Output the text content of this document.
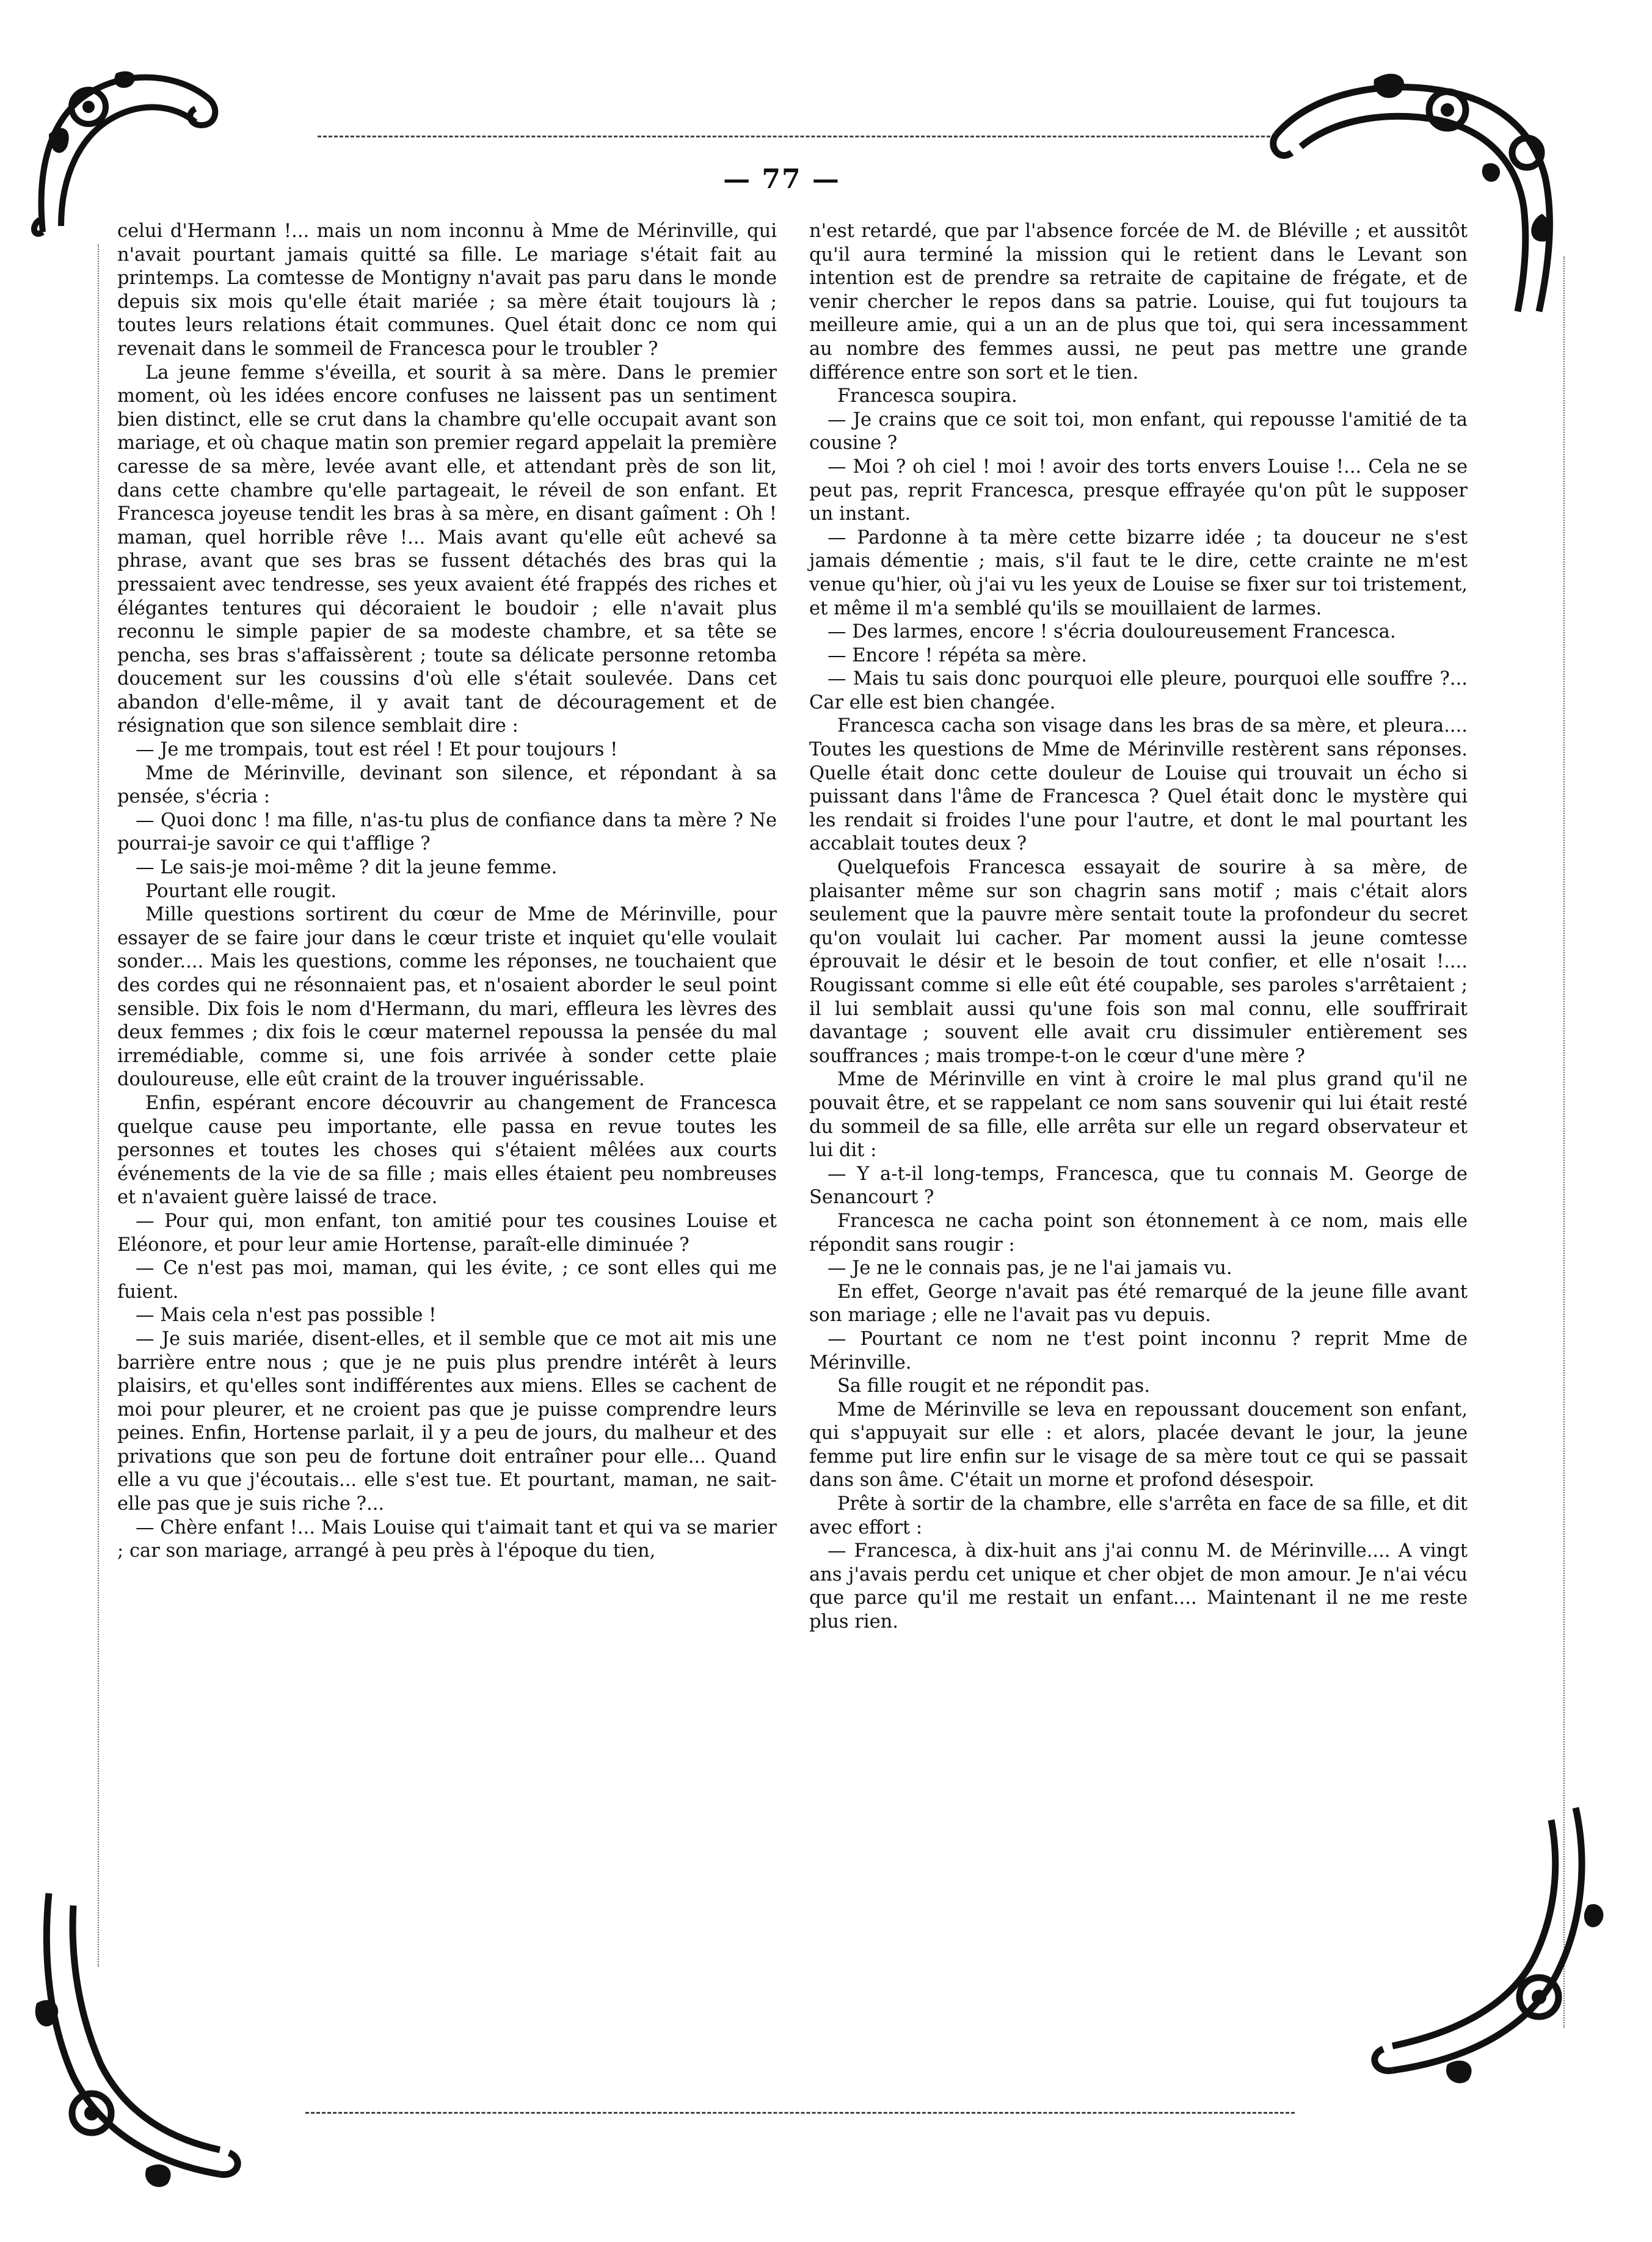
— 77 —

celui d'Hermann !... mais un nom inconnu à Mme de Mérinville, qui n'avait pourtant jamais quitté sa fille. Le mariage s'était fait au printemps. La comtesse de Montigny n'avait pas paru dans le monde depuis six mois qu'elle était mariée ; sa mère était toujours là ; toutes leurs relations était communes. Quel était donc ce nom qui revenait dans le sommeil de Francesca pour le troubler ?

La jeune femme s'éveilla, et sourit à sa mère. Dans le premier moment, où les idées encore confuses ne laissent pas un sentiment bien distinct, elle se crut dans la chambre qu'elle occupait avant son mariage, et où chaque matin son premier regard appelait la première caresse de sa mère, levée avant elle, et attendant près de son lit, dans cette chambre qu'elle partageait, le réveil de son enfant. Et Francesca joyeuse tendit les bras à sa mère, en disant gaîment : Oh ! maman, quel horrible rêve !... Mais avant qu'elle eût achevé sa phrase, avant que ses bras se fussent détachés des bras qui la pressaient avec tendresse, ses yeux avaient été frappés des riches et élégantes tentures qui décoraient le boudoir ; elle n'avait plus reconnu le simple papier de sa modeste chambre, et sa tête se pencha, ses bras s'affaissèrent ; toute sa délicate personne retomba doucement sur les coussins d'où elle s'était soulevée. Dans cet abandon d'elle-même, il y avait tant de découragement et de résignation que son silence semblait dire :

— Je me trompais, tout est réel ! Et pour toujours !

Mme de Mérinville, devinant son silence, et répondant à sa pensée, s'écria :

— Quoi donc ! ma fille, n'as-tu plus de confiance dans ta mère ? Ne pourrai-je savoir ce qui t'afflige ?

— Le sais-je moi-même ? dit la jeune femme.

Pourtant elle rougit.

Mille questions sortirent du cœur de Mme de Mérinville, pour essayer de se faire jour dans le cœur triste et inquiet qu'elle voulait sonder.... Mais les questions, comme les réponses, ne touchaient que des cordes qui ne résonnaient pas, et n'osaient aborder le seul point sensible. Dix fois le nom d'Hermann, du mari, effleura les lèvres des deux femmes ; dix fois le cœur maternel repoussa la pensée du mal irremédiable, comme si, une fois arrivée à sonder cette plaie douloureuse, elle eût craint de la trouver inguérissable.

Enfin, espérant encore découvrir au changement de Francesca quelque cause peu importante, elle passa en revue toutes les personnes et toutes les choses qui s'étaient mêlées aux courts événements de la vie de sa fille ; mais elles étaient peu nombreuses et n'avaient guère laissé de trace.

— Pour qui, mon enfant, ton amitié pour tes cousines Louise et Eléonore, et pour leur amie Hortense, paraît-elle diminuée ?

— Ce n'est pas moi, maman, qui les évite, ; ce sont elles qui me fuient.

— Mais cela n'est pas possible !

— Je suis mariée, disent-elles, et il semble que ce mot ait mis une barrière entre nous ; que je ne puis plus prendre intérêt à leurs plaisirs, et qu'elles sont indifférentes aux miens. Elles se cachent de moi pour pleurer, et ne croient pas que je puisse comprendre leurs peines. Enfin, Hortense parlait, il y a peu de jours, du malheur et des privations que son peu de fortune doit entraîner pour elle... Quand elle a vu que j'écoutais... elle s'est tue. Et pourtant, maman, ne sait-elle pas que je suis riche ?...

— Chère enfant !... Mais Louise qui t'aimait tant et qui va se marier ; car son mariage, arrangé à peu près à l'époque du tien,

n'est retardé, que par l'absence forcée de M. de Bléville ; et aussitôt qu'il aura terminé la mission qui le retient dans le Levant son intention est de prendre sa retraite de capitaine de frégate, et de venir chercher le repos dans sa patrie. Louise, qui fut toujours ta meilleure amie, qui a un an de plus que toi, qui sera incessamment au nombre des femmes aussi, ne peut pas mettre une grande différence entre son sort et le tien.

Francesca soupira.

— Je crains que ce soit toi, mon enfant, qui repousse l'amitié de ta cousine ?

— Moi ? oh ciel ! moi ! avoir des torts envers Louise !... Cela ne se peut pas, reprit Francesca, presque effrayée qu'on pût le supposer un instant.

— Pardonne à ta mère cette bizarre idée ; ta douceur ne s'est jamais démentie ; mais, s'il faut te le dire, cette crainte ne m'est venue qu'hier, où j'ai vu les yeux de Louise se fixer sur toi tristement, et même il m'a semblé qu'ils se mouillaient de larmes.

— Des larmes, encore ! s'écria douloureusement Francesca.

— Encore ! répéta sa mère.

— Mais tu sais donc pourquoi elle pleure, pourquoi elle souffre ?... Car elle est bien changée.

Francesca cacha son visage dans les bras de sa mère, et pleura.... Toutes les questions de Mme de Mérinville restèrent sans réponses. Quelle était donc cette douleur de Louise qui trouvait un écho si puissant dans l'âme de Francesca ? Quel était donc le mystère qui les rendait si froides l'une pour l'autre, et dont le mal pourtant les accablait toutes deux ?

Quelquefois Francesca essayait de sourire à sa mère, de plaisanter même sur son chagrin sans motif ; mais c'était alors seulement que la pauvre mère sentait toute la profondeur du secret qu'on voulait lui cacher. Par moment aussi la jeune comtesse éprouvait le désir et le besoin de tout confier, et elle n'osait !.... Rougissant comme si elle eût été coupable, ses paroles s'arrêtaient ; il lui semblait aussi qu'une fois son mal connu, elle souffrirait davantage ; souvent elle avait cru dissimuler entièrement ses souffrances ; mais trompe-t-on le cœur d'une mère ?

Mme de Mérinville en vint à croire le mal plus grand qu'il ne pouvait être, et se rappelant ce nom sans souvenir qui lui était resté du sommeil de sa fille, elle arrêta sur elle un regard observateur et lui dit :

— Y a-t-il long-temps, Francesca, que tu connais M. George de Senancourt ?

Francesca ne cacha point son étonnement à ce nom, mais elle répondit sans rougir :

— Je ne le connais pas, je ne l'ai jamais vu.

En effet, George n'avait pas été remarqué de la jeune fille avant son mariage ; elle ne l'avait pas vu depuis.

— Pourtant ce nom ne t'est point inconnu ? reprit Mme de Mérinville.

Sa fille rougit et ne répondit pas.

Mme de Mérinville se leva en repoussant doucement son enfant, qui s'appuyait sur elle : et alors, placée devant le jour, la jeune femme put lire enfin sur le visage de sa mère tout ce qui se passait dans son âme. C'était un morne et profond désespoir.

Prête à sortir de la chambre, elle s'arrêta en face de sa fille, et dit avec effort :

— Francesca, à dix-huit ans j'ai connu M. de Mérinville.... A vingt ans j'avais perdu cet unique et cher objet de mon amour. Je n'ai vécu que parce qu'il me restait un enfant.... Maintenant il ne me reste plus rien.
